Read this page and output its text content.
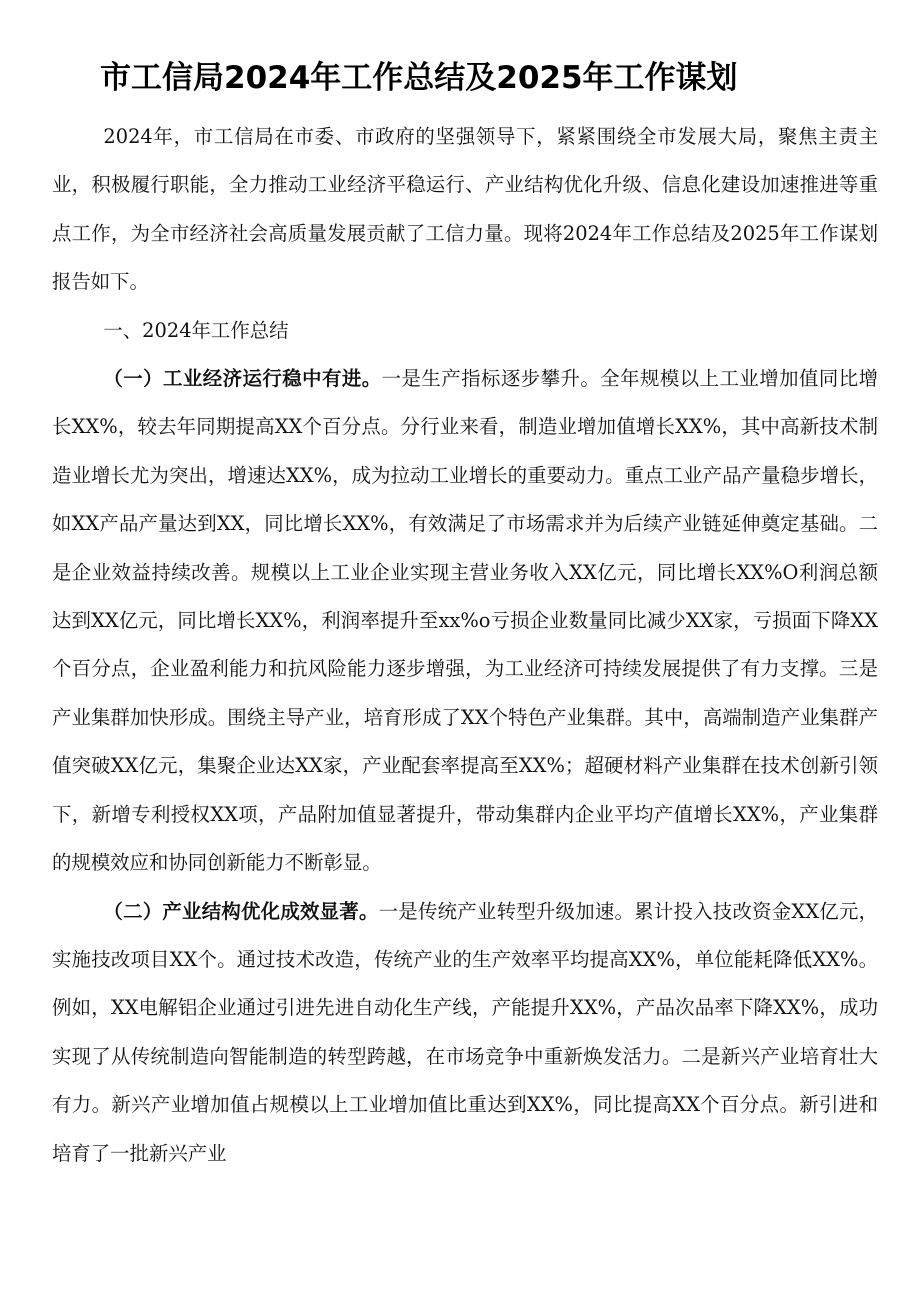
市工信局2024年工作总结及2025年工作谋划

2024年，市工信局在市委、市政府的坚强领导下，紧紧围绕全市发展大局，聚焦主责主业，积极履行职能，全力推动工业经济平稳运行、产业结构优化升级、信息化建设加速推进等重点工作，为全市经济社会高质量发展贡献了工信力量。现将2024年工作总结及2025年工作谋划报告如下。

一、2024年工作总结

（一）工业经济运行稳中有进。一是生产指标逐步攀升。全年规模以上工业增加值同比增长XX%，较去年同期提高XX个百分点。分行业来看，制造业增加值增长XX%，其中高新技术制造业增长尤为突出，增速达XX%，成为拉动工业增长的重要动力。重点工业产品产量稳步增长，如XX产品产量达到XX，同比增长XX%，有效满足了市场需求并为后续产业链延伸奠定基础。二是企业效益持续改善。规模以上工业企业实现主营业务收入XX亿元，同比增长XX%O利润总额达到XX亿元，同比增长XX%，利润率提升至xx%o亏损企业数量同比减少XX家，亏损面下降XX个百分点，企业盈利能力和抗风险能力逐步增强，为工业经济可持续发展提供了有力支撑。三是产业集群加快形成。围绕主导产业，培育形成了XX个特色产业集群。其中，高端制造产业集群产值突破XX亿元，集聚企业达XX家，产业配套率提高至XX%；超硬材料产业集群在技术创新引领下，新增专利授权XX项，产品附加值显著提升，带动集群内企业平均产值增长XX%，产业集群的规模效应和协同创新能力不断彰显。

（二）产业结构优化成效显著。一是传统产业转型升级加速。累计投入技改资金XX亿元，实施技改项目XX个。通过技术改造，传统产业的生产效率平均提高XX%，单位能耗降低XX%。例如，XX电解铝企业通过引进先进自动化生产线，产能提升XX%，产品次品率下降XX%，成功实现了从传统制造向智能制造的转型跨越，在市场竞争中重新焕发活力。二是新兴产业培育壮大有力。新兴产业增加值占规模以上工业增加值比重达到XX%，同比提高XX个百分点。新引进和培育了一批新兴产业
